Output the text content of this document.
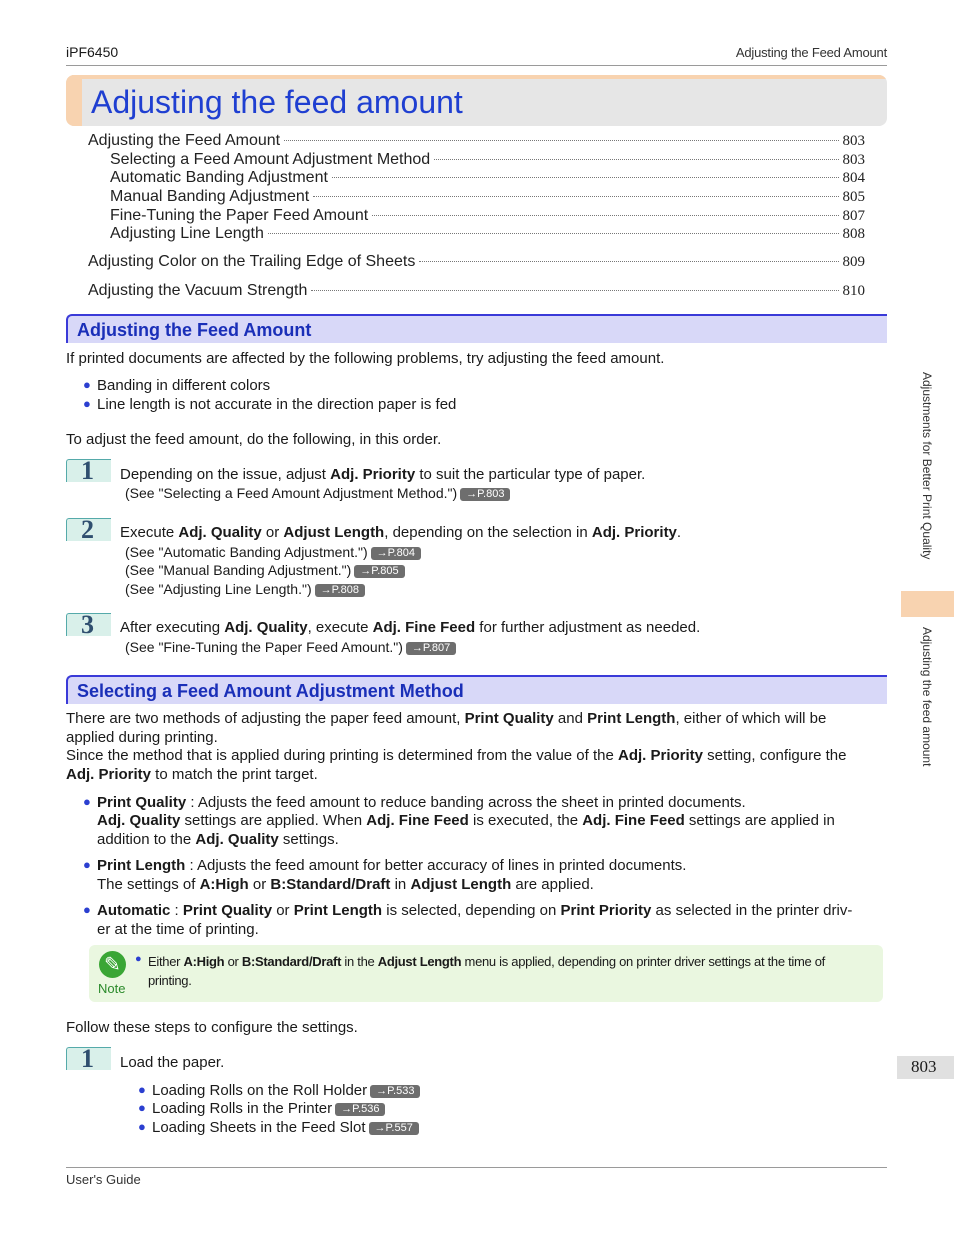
iPF6450	Adjusting the Feed Amount
Adjusting the feed amount
Adjusting the Feed Amount	803
Selecting a Feed Amount Adjustment Method	803
Automatic Banding Adjustment	804
Manual Banding Adjustment	805
Fine-Tuning the Paper Feed Amount	807
Adjusting Line Length	808
Adjusting Color on the Trailing Edge of Sheets	809
Adjusting the Vacuum Strength	810
Adjusting the Feed Amount
If printed documents are affected by the following problems, try adjusting the feed amount.
● Banding in different colors
● Line length is not accurate in the direction paper is fed
To adjust the feed amount, do the following, in this order.
1 Depending on the issue, adjust Adj. Priority to suit the particular type of paper.
(See "Selecting a Feed Amount Adjustment Method.") →P.803
2 Execute Adj. Quality or Adjust Length, depending on the selection in Adj. Priority.
(See "Automatic Banding Adjustment.") →P.804
(See "Manual Banding Adjustment.") →P.805
(See "Adjusting Line Length.") →P.808
3 After executing Adj. Quality, execute Adj. Fine Feed for further adjustment as needed.
(See "Fine-Tuning the Paper Feed Amount.") →P.807
Selecting a Feed Amount Adjustment Method
There are two methods of adjusting the paper feed amount, Print Quality and Print Length, either of which will be
applied during printing.
Since the method that is applied during printing is determined from the value of the Adj. Priority setting, configure the
Adj. Priority to match the print target.
● Print Quality : Adjusts the feed amount to reduce banding across the sheet in printed documents.
Adj. Quality settings are applied. When Adj. Fine Feed is executed, the Adj. Fine Feed settings are applied in
addition to the Adj. Quality settings.
● Print Length : Adjusts the feed amount for better accuracy of lines in printed documents.
The settings of A:High or B:Standard/Draft in Adjust Length are applied.
● Automatic : Print Quality or Print Length is selected, depending on Print Priority as selected in the printer driv-
er at the time of printing.
✎
Note
● Either A:High or B:Standard/Draft in the Adjust Length menu is applied, depending on printer driver settings at the time of printing.
Follow these steps to configure the settings.
1 Load the paper.
● Loading Rolls on the Roll Holder →P.533
● Loading Rolls in the Printer →P.536
● Loading Sheets in the Feed Slot →P.557
Adjustments for Better Print Quality
Adjusting the feed amount
803
User's Guide
